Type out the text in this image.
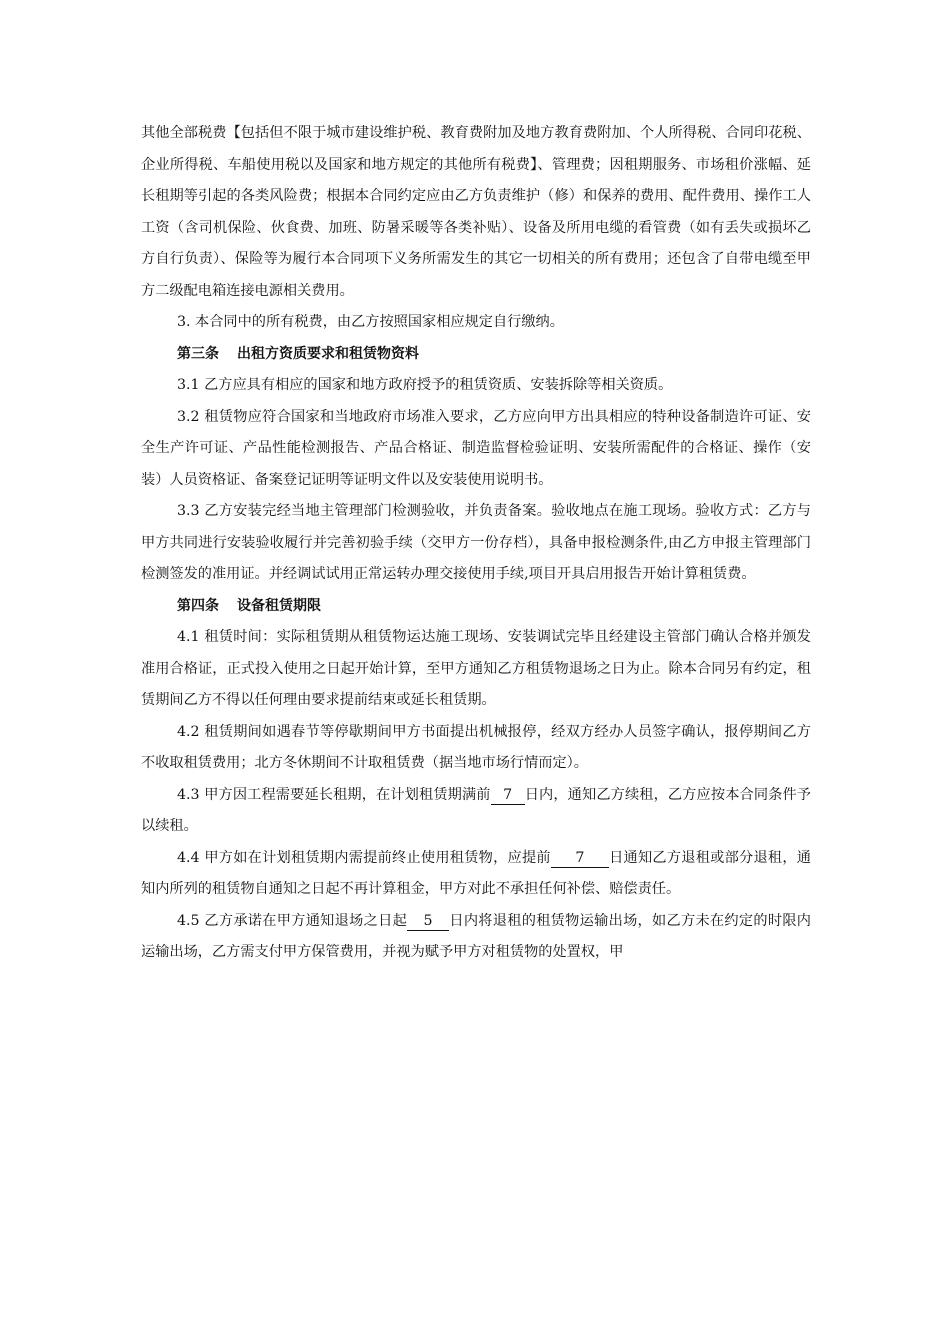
其他全部税费【包括但不限于城市建设维护税、教育费附加及地方教育费附加、个人所得税、合同印花税、企业所得税、车船使用税以及国家和地方规定的其他所有税费】、管理费；因租期服务、市场租价涨幅、延长租期等引起的各类风险费；根据本合同约定应由乙方负责维护（修）和保养的费用、配件费用、操作工人工资（含司机保险、伙食费、加班、防暑采暖等各类补贴）、设备及所用电缆的看管费（如有丢失或损坏乙方自行负责）、保险等为履行本合同项下义务所需发生的其它一切相关的所有费用；还包含了自带电缆至甲方二级配电箱连接电源相关费用。

3. 本合同中的所有税费，由乙方按照国家相应规定自行缴纳。

第三条 出租方资质要求和租赁物资料

3.1 乙方应具有相应的国家和地方政府授予的租赁资质、安装拆除等相关资质。

3.2 租赁物应符合国家和当地政府市场准入要求，乙方应向甲方出具相应的特种设备制造许可证、安全生产许可证、产品性能检测报告、产品合格证、制造监督检验证明、安装所需配件的合格证、操作（安装）人员资格证、备案登记证明等证明文件以及安装使用说明书。

3.3 乙方安装完经当地主管理部门检测验收，并负责备案。验收地点在施工现场。验收方式：乙方与甲方共同进行安装验收履行并完善初验手续（交甲方一份存档），具备申报检测条件,由乙方申报主管理部门检测签发的准用证。并经调试试用正常运转办理交接使用手续,项目开具启用报告开始计算租赁费。

第四条 设备租赁期限

4.1 租赁时间：实际租赁期从租赁物运达施工现场、安装调试完毕且经建设主管部门确认合格并颁发准用合格证，正式投入使用之日起开始计算，至甲方通知乙方租赁物退场之日为止。除本合同另有约定，租赁期间乙方不得以任何理由要求提前结束或延长租赁期。

4.2 租赁期间如遇春节等停歇期间甲方书面提出机械报停，经双方经办人员签字确认，报停期间乙方不收取租赁费用；北方冬休期间不计取租赁费（据当地市场行情而定）。

4.3 甲方因工程需要延长租期，在计划租赁期满前 7 日内，通知乙方续租，乙方应按本合同条件予以续租。

4.4 甲方如在计划租赁期内需提前终止使用租赁物，应提前 7 日通知乙方退租或部分退租，通知内所列的租赁物自通知之日起不再计算租金，甲方对此不承担任何补偿、赔偿责任。

4.5 乙方承诺在甲方通知退场之日起 5 日内将退租的租赁物运输出场，如乙方未在约定的时限内运输出场，乙方需支付甲方保管费用，并视为赋予甲方对租赁物的处置权，甲
